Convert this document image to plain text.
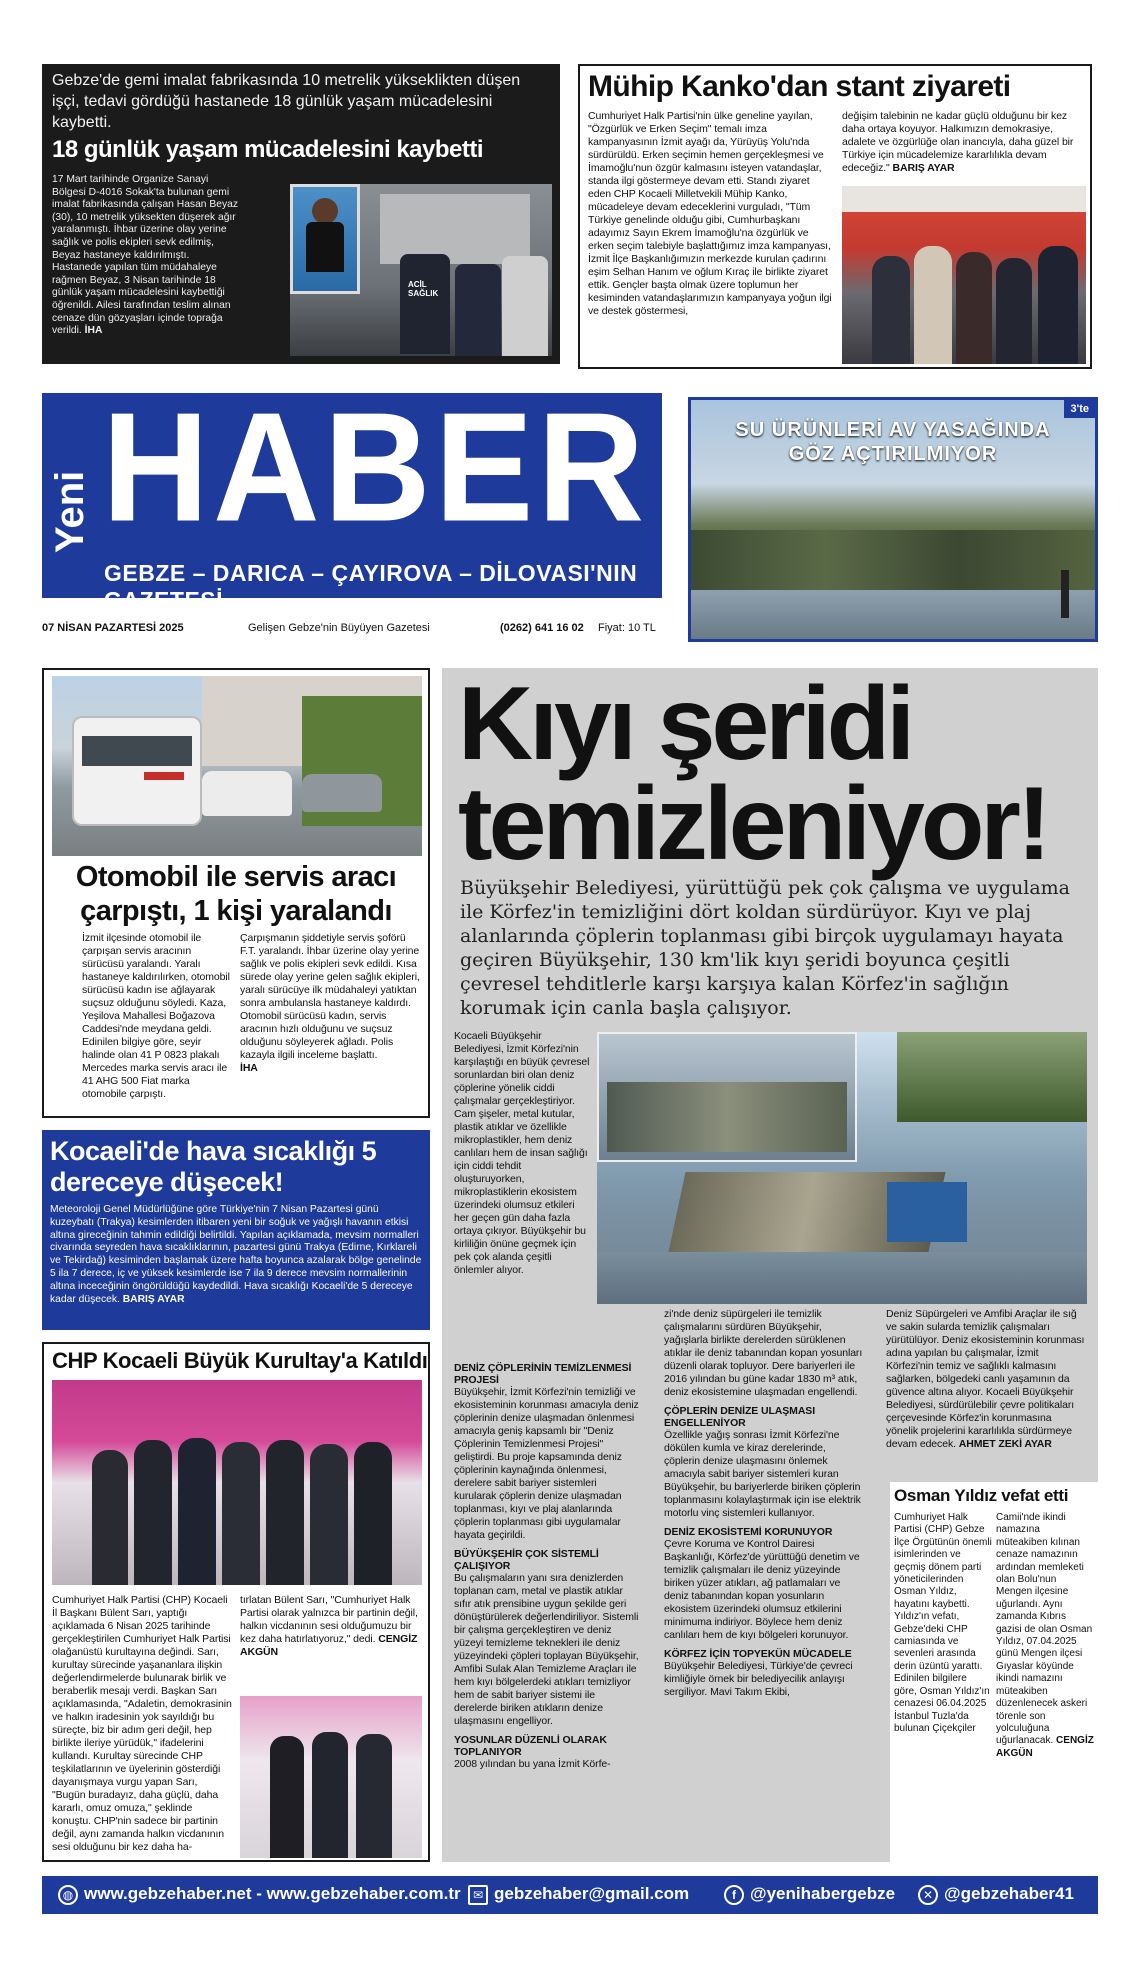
Gebze'de gemi imalat fabrikasında 10 metrelik yükseklikten düşen işçi, tedavi gördüğü hastanede 18 günlük yaşam mücadelesini kaybetti.
18 günlük yaşam mücadelesini kaybetti
17 Mart tarihinde Organize Sanayi Bölgesi D-4016 Sokak'ta bulunan gemi imalat fabrikasında çalışan Hasan Beyaz (30), 10 metrelik yüksekten düşerek ağır yaralanmıştı. İhbar üzerine olay yerine sağlık ve polis ekipleri sevk edilmiş, Beyaz hastaneye kaldırılmıştı. Hastanede yapılan tüm müdahaleye rağmen Beyaz, 3 Nisan tarihinde 18 günlük yaşam mücadelesini kaybettiği öğrenildi. Ailesi tarafından teslim alınan cenaze dün gözyaşları içinde toprağa verildi. İHA
ACİL SAĞLIK
Mühip Kanko'dan stant ziyareti
Cumhuriyet Halk Partisi'nin ülke geneline yayılan, "Özgürlük ve Erken Seçim" temalı imza kampanyasının İzmit ayağı da, Yürüyüş Yolu'nda sürdürüldü. Erken seçimin hemen gerçekleşmesi ve İmamoğlu'nun özgür kalmasını isteyen vatandaşlar, standa ilgi göstermeye devam etti. Standı ziyaret eden CHP Kocaeli Milletvekili Mühip Kanko, mücadeleye devam edeceklerini vurguladı, "Tüm Türkiye genelinde olduğu gibi, Cumhurbaşkanı adayımız Sayın Ekrem İmamoğlu'na özgürlük ve erken seçim talebiyle başlattığımız imza kampanyası, İzmit İlçe Başkanlığımızın merkezde kurulan çadırını eşim Selhan Hanım ve oğlum Kıraç ile birlikte ziyaret ettik. Gençler başta olmak üzere toplumun her kesiminden vatandaşlarımızın kampanyaya yoğun ilgi ve destek göstermesi,
değişim talebinin ne kadar güçlü olduğunu bir kez daha ortaya koyuyor. Halkımızın demokrasiye, adalete ve özgürlüğe olan inancıyla, daha güzel bir Türkiye için mücadelemize kararlılıkla devam edeceğiz." BARIŞ AYAR
Yeni HABER
GEBZE – DARICA – ÇAYIROVA – DİLOVASI'NIN GAZETESİ
07 NİSAN PAZARTESİ 2025	Gelişen Gebze'nin Büyüyen Gazetesi	(0262) 641 16 02 Fiyat: 10 TL
SU ÜRÜNLERİ AV YASAĞINDA
GÖZ AÇTIRILMIYOR
3'te
Otomobil ile servis aracı çarpıştı, 1 kişi yaralandı
İzmit ilçesinde otomobil ile çarpışan servis aracının sürücüsü yaralandı. Yaralı hastaneye kaldırılırken, otomobil sürücüsü kadın ise ağlayarak suçsuz olduğunu söyledi. Kaza, Yeşilova Mahallesi Boğazova Caddesi'nde meydana geldi. Edinilen bilgiye göre, seyir halinde olan 41 P 0823 plakalı Mercedes marka servis aracı ile 41 AHG 500 Fiat marka otomobile çarpıştı.
Çarpışmanın şiddetiyle servis şoförü F.T. yaralandı. İhbar üzerine olay yerine sağlık ve polis ekipleri sevk edildi. Kısa sürede olay yerine gelen sağlık ekipleri, yaralı sürücüye ilk müdahaleyi yatıktan sonra ambulansla hastaneye kaldırdı. Otomobil sürücüsü kadın, servis aracının hızlı olduğunu ve suçsuz olduğunu söyleyerek ağladı. Polis kazayla ilgili inceleme başlattı.
İHA
Kocaeli'de hava sıcaklığı 5 dereceye düşecek!
Meteoroloji Genel Müdürlüğüne göre Türkiye'nin 7 Nisan Pazartesi günü kuzeybatı (Trakya) kesimlerden itibaren yeni bir soğuk ve yağışlı havanın etkisi altına gireceğinin tahmin edildiği belirtildi. Yapılan açıklamada, mevsim normalleri civarında seyreden hava sıcaklıklarının, pazartesi günü Trakya (Edirne, Kırklareli ve Tekirdağ) kesiminden başlamak üzere hafta boyunca azalarak bölge genelinde 5 ila 7 derece, iç ve yüksek kesimlerde ise 7 ila 9 derece mevsim normallerinin altına inceceğinin öngörüldüğü kaydedildi. Hava sıcaklığı Kocaeli'de 5 dereceye kadar düşecek. BARIŞ AYAR
CHP Kocaeli Büyük Kurultay'a Katıldı
Cumhuriyet Halk Partisi (CHP) Kocaeli İl Başkanı Bülent Sarı, yaptığı açıklamada 6 Nisan 2025 tarihinde gerçekleştirilen Cumhuriyet Halk Partisi olağanüstü kurultayına değindi. Sarı, kurultay sürecinde yaşananlara ilişkin değerlendirmelerde bulunarak birlik ve beraberlik mesajı verdi. Başkan Sarı açıklamasında, "Adaletin, demokrasinin ve halkın iradesinin yok sayıldığı bu süreçte, biz bir adım geri değil, hep birlikte ileriye yürüdük," ifadelerini kullandı. Kurultay sürecinde CHP teşkilatlarının ve üyelerinin gösterdiği dayanışmaya vurgu yapan Sarı, "Bugün buradayız, daha güçlü, daha kararlı, omuz omuza," şeklinde konuştu. CHP'nin sadece bir partinin değil, aynı zamanda halkın vicdanının sesi olduğunu bir kez daha ha-
tırlatan Bülent Sarı, "Cumhuriyet Halk Partisi olarak yalnızca bir partinin değil, halkın vicdanının sesi olduğumuzu bir kez daha hatırlatıyoruz," dedi. CENGİZ AKGÜN
Kıyı şeridi
temizleniyor!
Büyükşehir Belediyesi, yürüttüğü pek çok çalışma ve uygulama ile Körfez'in temizliğini dört koldan sürdürüyor. Kıyı ve plaj alanlarında çöplerin toplanması gibi birçok uygulamayı hayata geçiren Büyükşehir, 130 km'lik kıyı şeridi boyunca çeşitli çevresel tehditlerle karşı karşıya kalan Körfez'in sağlığın korumak için canla başla çalışıyor.
Kocaeli Büyükşehir Belediyesi, İzmit Körfezi'nin karşılaştığı en büyük çevresel sorunlardan biri olan deniz çöplerine yönelik ciddi çalışmalar gerçekleştiriyor. Cam şişeler, metal kutular, plastik atıklar ve özellikle mikroplastikler, hem deniz canlıları hem de insan sağlığı için ciddi tehdit oluşturuyorken, mikroplastiklerin ekosistem üzerindeki olumsuz etkileri her geçen gün daha fazla ortaya çıkıyor. Büyükşehir bu kirliliğin önüne geçmek için pek çok alanda çeşitli önlemler alıyor.
DENİZ ÇÖPLERİNİN TEMİZLENMESİ PROJESİ
Büyükşehir, İzmit Körfezi'nin temizliği ve ekosisteminin korunması amacıyla deniz çöplerinin denize ulaşmadan önlenmesi amacıyla geniş kapsamlı bir "Deniz Çöplerinin Temizlenmesi Projesi" geliştirdi. Bu proje kapsamında deniz çöplerinin kaynağında önlenmesi, derelere sabit bariyer sistemleri kurularak çöplerin denize ulaşmadan toplanması, kıyı ve plaj alanlarında çöplerin toplanması gibi uygulamalar hayata geçirildi.
BÜYÜKŞEHİR ÇOK SİSTEMLİ ÇALIŞIYOR
Bu çalışmaların yanı sıra denizlerden toplanan cam, metal ve plastik atıklar sıfır atık prensibine uygun şekilde geri dönüştürülerek değerlendiriliyor. Sistemli bir çalışma gerçekleştiren ve deniz yüzeyi temizleme teknekleri ile deniz yüzeyindeki çöpleri toplayan Büyükşehir, Amfibi Sulak Alan Temizleme Araçları ile hem kıyı bölgelerdeki atıkları temizliyor hem de sabit bariyer sistemi ile derelerde biriken atıkların denize ulaşmasını engelliyor.
YOSUNLAR DÜZENLİ OLARAK TOPLANIYOR
2008 yılından bu yana İzmit Körfe-
zi'nde deniz süpürgeleri ile temizlik çalışmalarını sürdüren Büyükşehir, yağışlarla birlikte derelerden sürüklenen atıklar ile deniz tabanından kopan yosunları düzenli olarak topluyor. Dere bariyerleri ile 2016 yılından bu güne kadar 1830 m³ atık, deniz ekosistemine ulaşmadan engellendi.
ÇÖPLERİN DENİZE ULAŞMASI ENGELLENİYOR
Özellikle yağış sonrası İzmit Körfezi'ne dökülen kumla ve kiraz derelerinde, çöplerin denize ulaşmasını önlemek amacıyla sabit bariyer sistemleri kuran Büyükşehir, bu bariyerlerde biriken çöplerin toplanmasını kolaylaştırmak için ise elektrik motorlu vinç sistemleri kullanıyor.
DENİZ EKOSİSTEMİ KORUNUYOR
Çevre Koruma ve Kontrol Dairesi Başkanlığı, Körfez'de yürüttüğü denetim ve temizlik çalışmaları ile deniz yüzeyinde biriken yüzer atıkları, ağ patlamaları ve deniz tabanından kopan yosunların ekosistem üzerindeki olumsuz etkilerini minimuma indiriyor. Böylece hem deniz canlıları hem de kıyı bölgeleri korunuyor.
KÖRFEZ İÇİN TOPYEKÜN MÜCADELE
Büyükşehir Belediyesi, Türkiye'de çevreci kimliğiyle örnek bir belediyecilik anlayışı sergiliyor. Mavi Takım Ekibi,
Deniz Süpürgeleri ve Amfibi Araçlar ile sığ ve sakin sularda temizlik çalışmaları yürütülüyor. Deniz ekosisteminin korunması adına yapılan bu çalışmalar, İzmit Körfezi'nin temiz ve sağlıklı kalmasını sağlarken, bölgedeki canlı yaşamının da güvence altına alıyor. Kocaeli Büyükşehir Belediyesi, sürdürülebilir çevre politikaları çerçevesinde Körfez'in korunmasına yönelik projelerini kararlılıkla sürdürmeye devam edecek. AHMET ZEKİ AYAR
Osman Yıldız vefat etti
Cumhuriyet Halk Partisi (CHP) Gebze İlçe Örgütünün önemli isimlerinden ve geçmiş dönem parti yöneticilerinden Osman Yıldız, hayatını kaybetti. Yıldız'ın vefatı, Gebze'deki CHP camiasında ve sevenleri arasında derin üzüntü yarattı. Edinilen bilgilere göre, Osman Yıldız'ın cenazesi 06.04.2025 İstanbul Tuzla'da bulunan Çiçekçiler
Camii'nde ikindi namazına müteakiben kılınan cenaze namazının ardından memleketi olan Bolu'nun Mengen ilçesine uğurlandı. Aynı zamanda Kıbrıs gazisi de olan Osman Yıldız, 07.04.2025 günü Mengen ilçesi Gıyaslar köyünde ikindi namazını müteakiben düzenlenecek askeri törenle son yolculuğuna uğurlanacak. CENGİZ AKGÜN
◍ www.gebzehaber.net - www.gebzehaber.com.tr	✉ gebzehaber@gmail.com	f @yenihabergebze	✕ @gebzehaber41
